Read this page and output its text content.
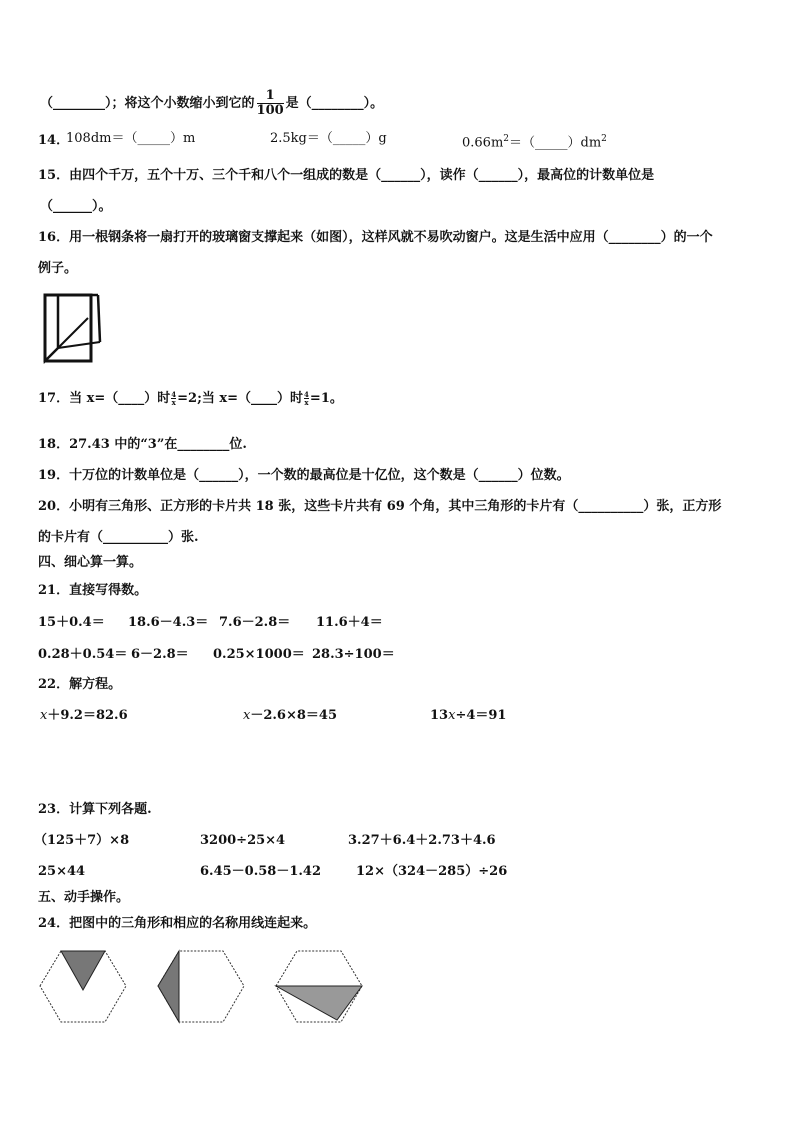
（________）；将这个小数缩小到它的 $\frac{1}{100}$ 是（________）。
14．
108dm＝（_____）m	2.5kg＝（_____）g	$0.66m^2=(\_\_\_\_\_)dm^2$
15．由四个千万，五个十万、三个千和八个一组成的数是（______），读作（______），最高位的计数单位是
（______）。
16．用一根钢条将一扇打开的玻璃窗支撑起来（如图），这样风就不易吹动窗户。这是生活中应用（________）的一个
例子。
17．当 x=（____）时 $\frac{4}{x} =2$;当 x=（____）时 $\frac{4}{x} =1$。
18．27.43 中的“3”在________位.
19．十万位的计数单位是（______），一个数的最高位是十亿位，这个数是（______）位数。
20．小明有三角形、正方形的卡片共 18 张，这些卡片共有 69 个角，其中三角形的卡片有（__________）张，正方形
的卡片有（__________）张.
四、细心算一算。
21．直接写得数。
15＋0.4＝ 18.6－4.3＝ 7.6－2.8＝ 11.6＋4＝
0.28＋0.54＝ 6－2.8＝ 0.25×1000＝ 28.3÷100＝
22．解方程。
x＋9.2＝82.6	x－2.6×8＝45	13x÷4＝91
23．计算下列各题.
（125＋7）×8	3200÷25×4	3.27＋6.4＋2.73＋4.6
25×44	6.45－0.58－1.42	12×（324－285）÷26
五、动手操作。
24．把图中的三角形和相应的名称用线连起来。
